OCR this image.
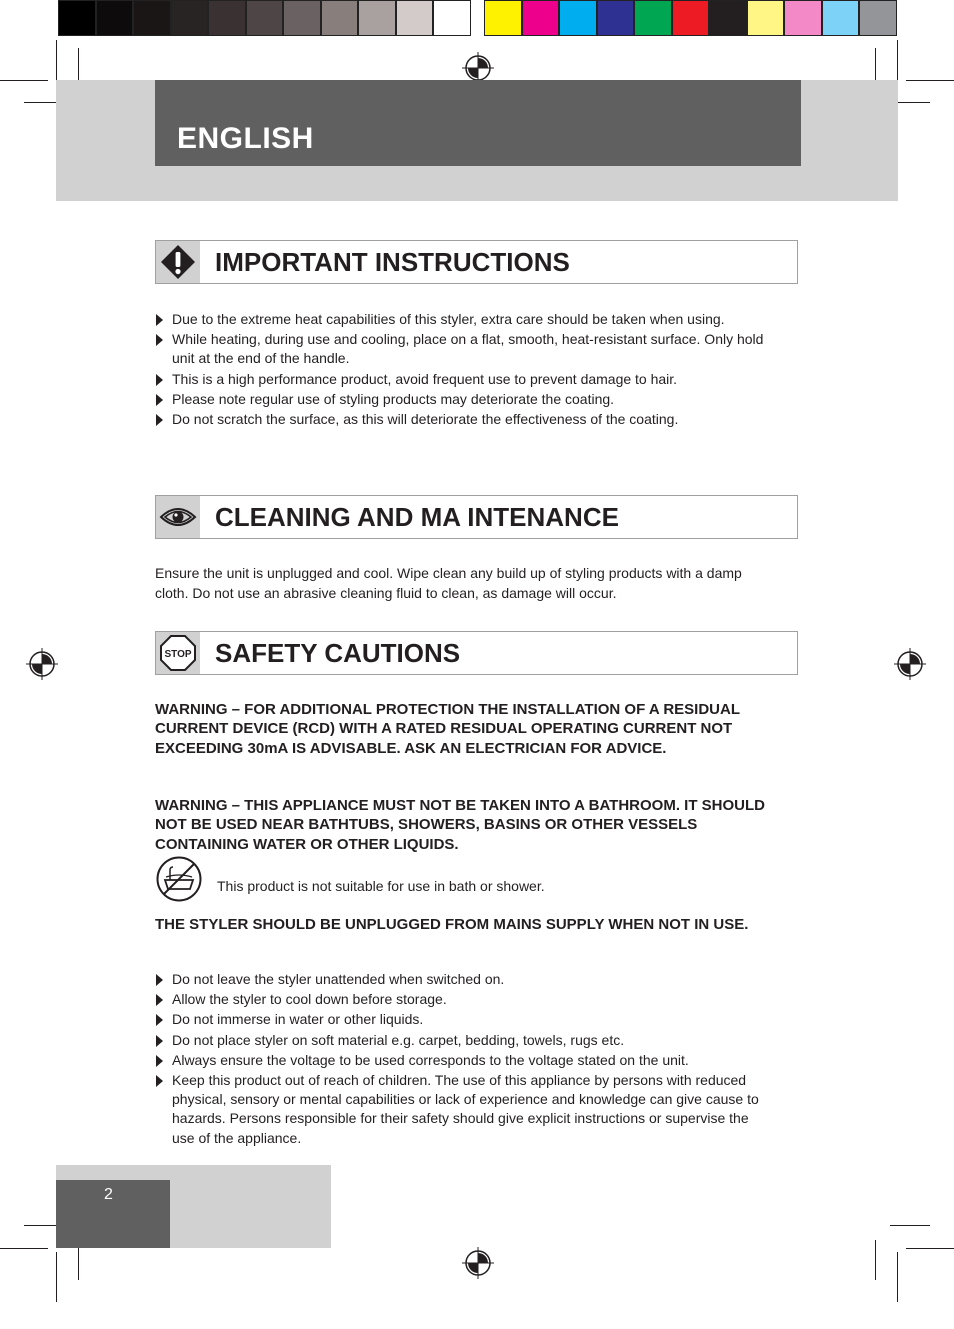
ENGLISH
IMPORTANT INSTRUCTIONS
Due to the extreme heat capabilities of this styler, extra care should be taken when using.
While heating, during use and cooling, place on a flat, smooth, heat-resistant surface. Only hold unit at the end of the handle.
This is a high performance product, avoid frequent use to prevent damage to hair.
Please note regular use of styling products may deteriorate the coating.
Do not scratch the surface, as this will deteriorate the effectiveness of the coating.
CLEANING AND MA INTENANCE

Ensure the unit is unplugged and cool. Wipe clean any build up of styling products with a damp cloth. Do not use an abrasive cleaning fluid to clean, as damage will occur.

STOP SAFETY CAUTIONS

WARNING – FOR ADDITIONAL PROTECTION THE INSTALLATION OF A RESIDUAL CURRENT DEVICE (RCD) WITH A RATED RESIDUAL OPERATING CURRENT NOT EXCEEDING 30mA IS ADVISABLE. ASK AN ELECTRICIAN FOR ADVICE.

WARNING – THIS APPLIANCE MUST NOT BE TAKEN INTO A BATHROOM. IT SHOULD NOT BE USED NEAR BATHTUBS, SHOWERS, BASINS OR OTHER VESSELS CONTAINING WATER OR OTHER LIQUIDS.

This product is not suitable for use in bath or shower.

THE STYLER SHOULD BE UNPLUGGED FROM MAINS SUPPLY WHEN NOT IN USE.

Do not leave the styler unattended when switched on.
Allow the styler to cool down before storage.
Do not immerse in water or other liquids.
Do not place styler on soft material e.g. carpet, bedding, towels, rugs etc.
Always ensure the voltage to be used corresponds to the voltage stated on the unit.
Keep this product out of reach of children. The use of this appliance by persons with reduced physical, sensory or mental capabilities or lack of experience and knowledge can give cause to hazards. Persons responsible for their safety should give explicit instructions or supervise the use of the appliance.

2
